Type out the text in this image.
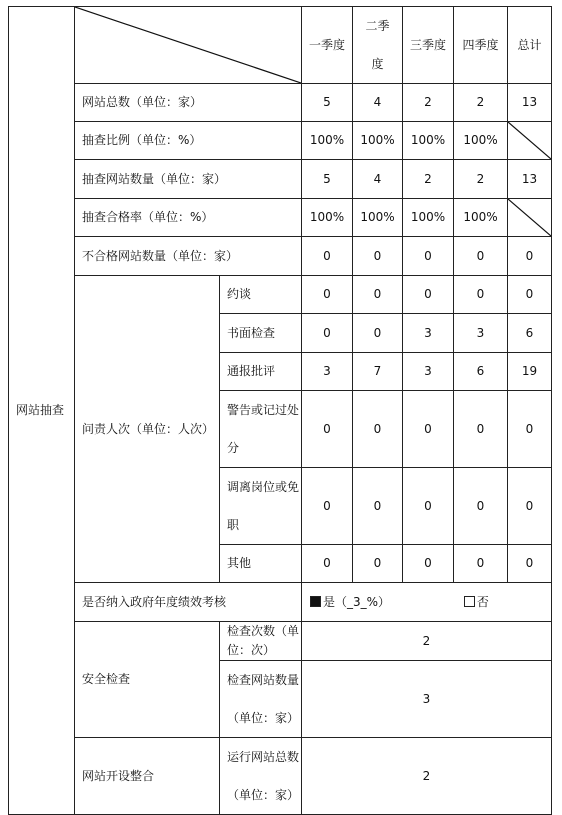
网站抽查			一季度	二季度	三季度	四季度	总计
	网站总数（单位：家）		5	4	2	2	13
	抽查比例（单位：%）		100%	100%	100%	100%	

	抽查网站数量（单位：家）		5	4	2	2	13
	抽查合格率（单位：%）		100%	100%	100%	100%	

	不合格网站数量（单位：家）		0	0	0	0	0
	问责人次（单位：人次）	约谈	0	0	0	0	0
		书面检查	0	0	3	3	6
		通报批评	3	7	3	6	19
		警告或记过处分	0	0	0	0	0
		调离岗位或免职	0	0	0	0	0
		其他	0	0	0	0	0
	是否纳入政府年度绩效考核		是（_3_%） 否				
	安全检查	检查次数（单位：次）	2				
		检查网站数量（单位：家）	3				
	网站开设整合	运行网站总数（单位：家）	2				
